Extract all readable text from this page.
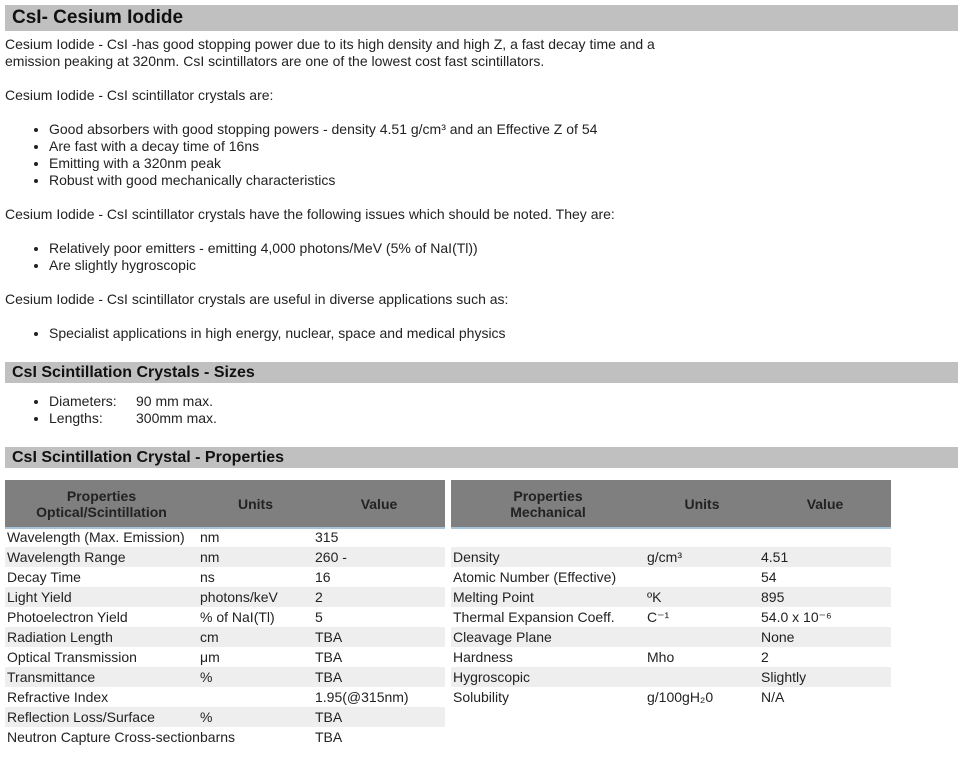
CsI- Cesium Iodide

Cesium Iodide - CsI -has good stopping power due to its high density and high Z, a fast decay time and a emission peaking at 320nm. CsI scintillators are one of the lowest cost fast scintillators.

Cesium Iodide - CsI scintillator crystals are:

• Good absorbers with good stopping powers - density 4.51 g/cm³ and an Effective Z of 54
• Are fast with a decay time of 16ns
• Emitting with a 320nm peak
• Robust with good mechanically characteristics

Cesium Iodide - CsI scintillator crystals have the following issues which should be noted. They are:

• Relatively poor emitters - emitting 4,000 photons/MeV (5% of NaI(Tl))
• Are slightly hygroscopic

Cesium Iodide - CsI scintillator crystals are useful in diverse applications such as:

• Specialist applications in high energy, nuclear, space and medical physics
CsI Scintillation Crystals - Sizes
• Diameters: 90 mm max.
• Lengths: 300mm max.
CsI Scintillation Crystal - Properties
Properties
Optical/Scintillation	Units	Value
Wavelength (Max. Emission)	nm	315
Wavelength Range	nm	260 -
Decay Time	ns	16
Light Yield	photons/keV	2
Photoelectron Yield	% of NaI(Tl)	5
Radiation Length	cm	TBA
Optical Transmission	μm	TBA
Transmittance	%	TBA
Refractive Index		1.95(@315nm)
Reflection Loss/Surface	%	TBA
Neutron Capture Cross-section	barns	TBA
Properties
Mechanical	Units	Value

Density	g/cm³	4.51
Atomic Number (Effective)		54
Melting Point	ºK	895
Thermal Expansion Coeff.	C⁻¹	54.0 x 10⁻⁶
Cleavage Plane		None
Hardness	Mho	2
Hygroscopic		Slightly
Solubility	g/100gH₂0	N/A
